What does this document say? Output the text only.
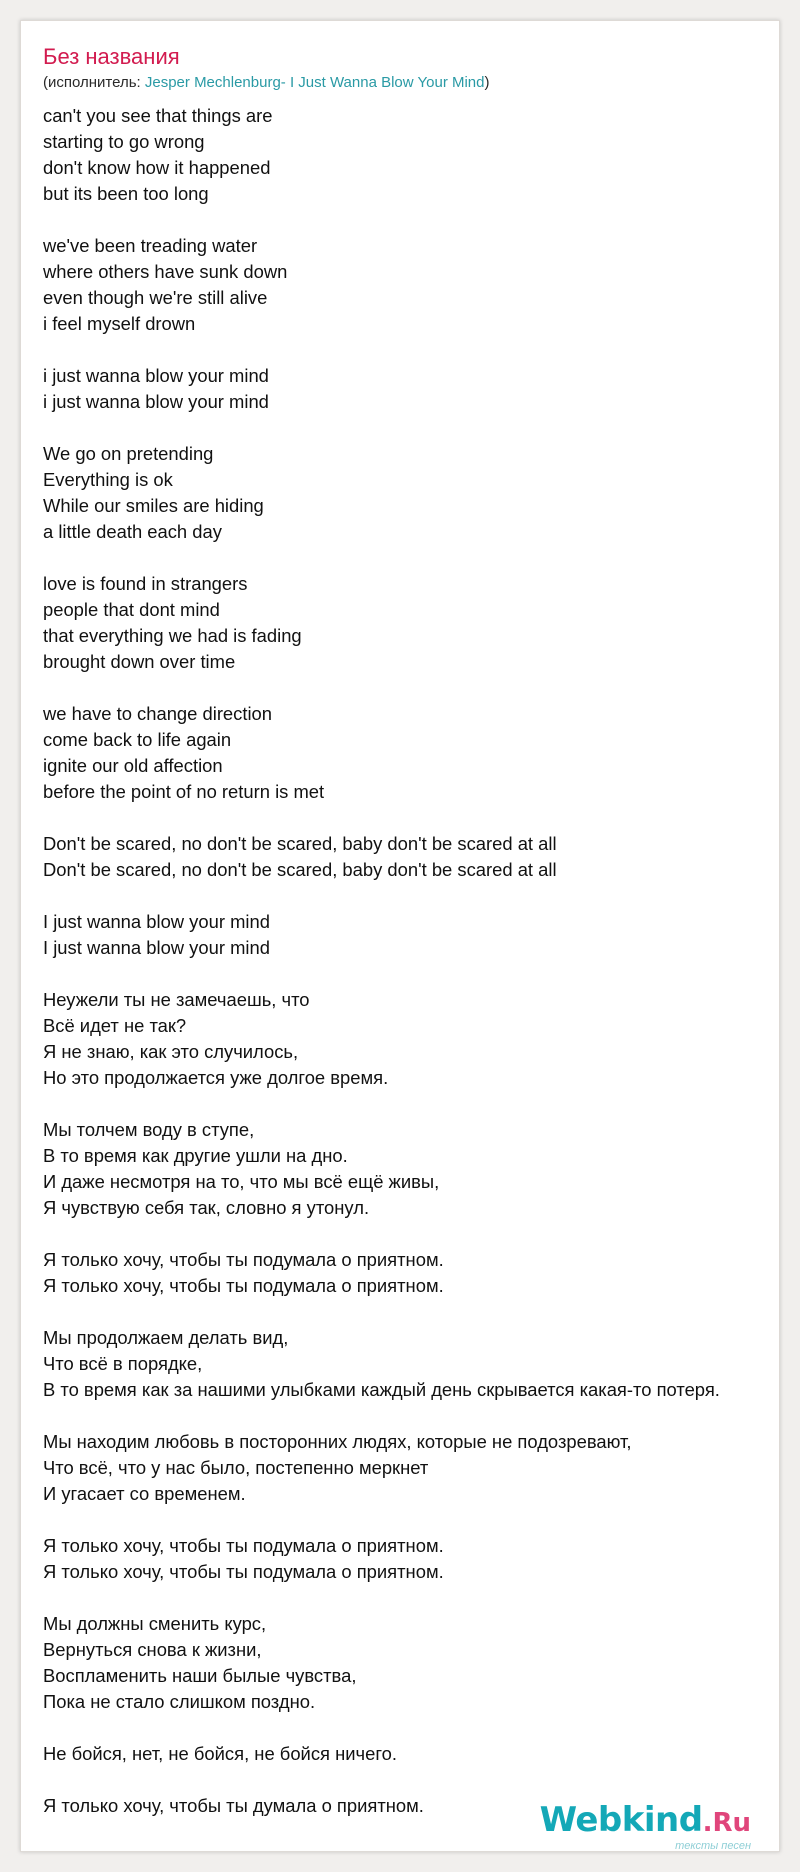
Без названия
(исполнитель: Jesper Mechlenburg- I Just Wanna Blow Your Mind)
can't you see that things are
starting to go wrong
don't know how it happened
but its been too long
we've been treading water
where others have sunk down
even though we're still alive
i feel myself drown
i just wanna blow your mind
i just wanna blow your mind
We go on pretending
Everything is ok
While our smiles are hiding
a little death each day
love is found in strangers
people that dont mind
that everything we had is fading
brought down over time
we have to change direction
come back to life again
ignite our old affection
before the point of no return is met
Don't be scared, no don't be scared, baby don't be scared at all
Don't be scared, no don't be scared, baby don't be scared at all
I just wanna blow your mind
I just wanna blow your mind
Неужели ты не замечаешь, что
Всё идет не так?
Я не знаю, как это случилось,
Но это продолжается уже долгое время.
Мы толчем воду в ступе,
В то время как другие ушли на дно.
И даже несмотря на то, что мы всё ещё живы,
Я чувствую себя так, словно я утонул.
Я только хочу, чтобы ты подумала о приятном.
Я только хочу, чтобы ты подумала о приятном.
Мы продолжаем делать вид,
Что всё в порядке,
В то время как за нашими улыбками каждый день скрывается какая-то потеря.
Мы находим любовь в посторонних людях, которые не подозревают,
Что всё, что у нас было, постепенно меркнет
И угасает со временем.
Я только хочу, чтобы ты подумала о приятном.
Я только хочу, чтобы ты подумала о приятном.
Мы должны сменить курс,
Вернуться снова к жизни,
Воспламенить наши былые чувства,
Пока не стало слишком поздно.
Не бойся, нет, не бойся, не бойся ничего.
Я только хочу, чтобы ты думала о приятном.	Webkind.Ru
тексты песен
